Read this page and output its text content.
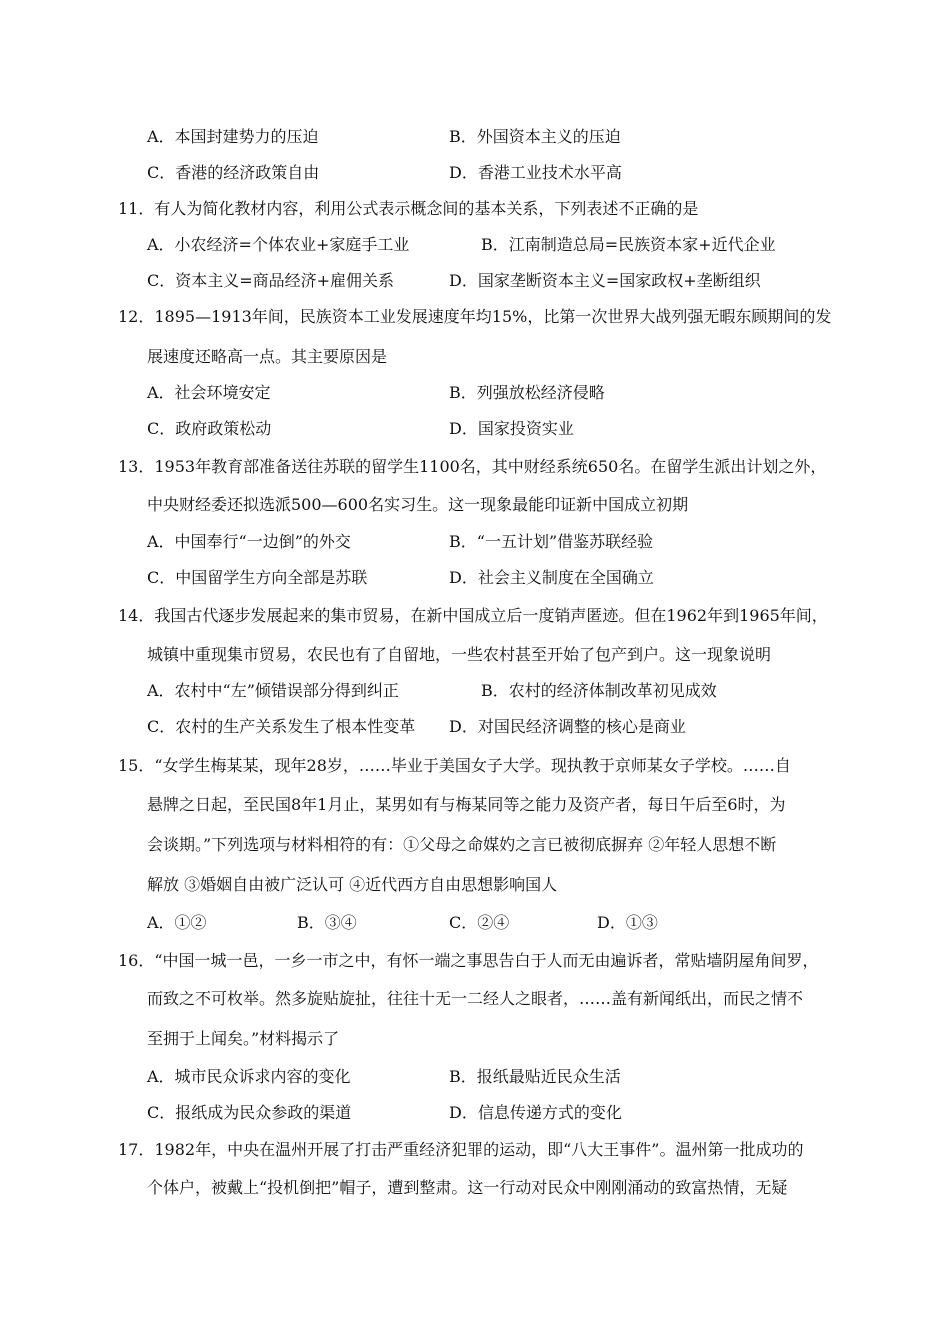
A．本国封建势力的压迫	B．外国资本主义的压迫
C．香港的经济政策自由	D．香港工业技术水平高
11．有人为简化教材内容，利用公式表示概念间的基本关系，下列表述不正确的是
A．小农经济=个体农业+家庭手工业	B．江南制造总局=民族资本家+近代企业
C．资本主义=商品经济+雇佣关系	D．国家垄断资本主义=国家政权+垄断组织
12．1895—1913年间，民族资本工业发展速度年均15%，比第一次世界大战列强无暇东顾期间的发
展速度还略高一点。其主要原因是
A．社会环境安定	B．列强放松经济侵略
C．政府政策松动	D．国家投资实业
13．1953年教育部准备送往苏联的留学生1100名，其中财经系统650名。在留学生派出计划之外，
中央财经委还拟选派500—600名实习生。这一现象最能印证新中国成立初期
A．中国奉行“一边倒”的外交	B．“一五计划”借鉴苏联经验
C．中国留学生方向全部是苏联	D．社会主义制度在全国确立
14．我国古代逐步发展起来的集市贸易，在新中国成立后一度销声匿迹。但在1962年到1965年间，
城镇中重现集市贸易，农民也有了自留地，一些农村甚至开始了包产到户。这一现象说明
A．农村中“左”倾错误部分得到纠正	B．农村的经济体制改革初见成效
C．农村的生产关系发生了根本性变革 D．对国民经济调整的核心是商业
15．“女学生梅某某，现年28岁，……毕业于美国女子大学。现执教于京师某女子学校。……自
悬牌之日起，至民国8年1月止，某男如有与梅某同等之能力及资产者，每日午后至6时，为
会谈期。”下列选项与材料相符的有：①父母之命媒妁之言已被彻底摒弃 ②年轻人思想不断
解放 ③婚姻自由被广泛认可 ④近代西方自由思想影响国人
A．①②	B．③④	C．②④	D．①③
16．“中国一城一邑，一乡一市之中，有怀一端之事思告白于人而无由遍诉者，常贴墙阴屋角间罗，
而致之不可枚举。然多旋贴旋扯，往往十无一二经人之眼者，……盖有新闻纸出，而民之情不
至拥于上闻矣。”材料揭示了
A．城市民众诉求内容的变化	B．报纸最贴近民众生活
C．报纸成为民众参政的渠道	D．信息传递方式的变化
17．1982年，中央在温州开展了打击严重经济犯罪的运动，即“八大王事件”。温州第一批成功的
个体户，被戴上“投机倒把”帽子，遭到整肃。这一行动对民众中刚刚涌动的致富热情，无疑
